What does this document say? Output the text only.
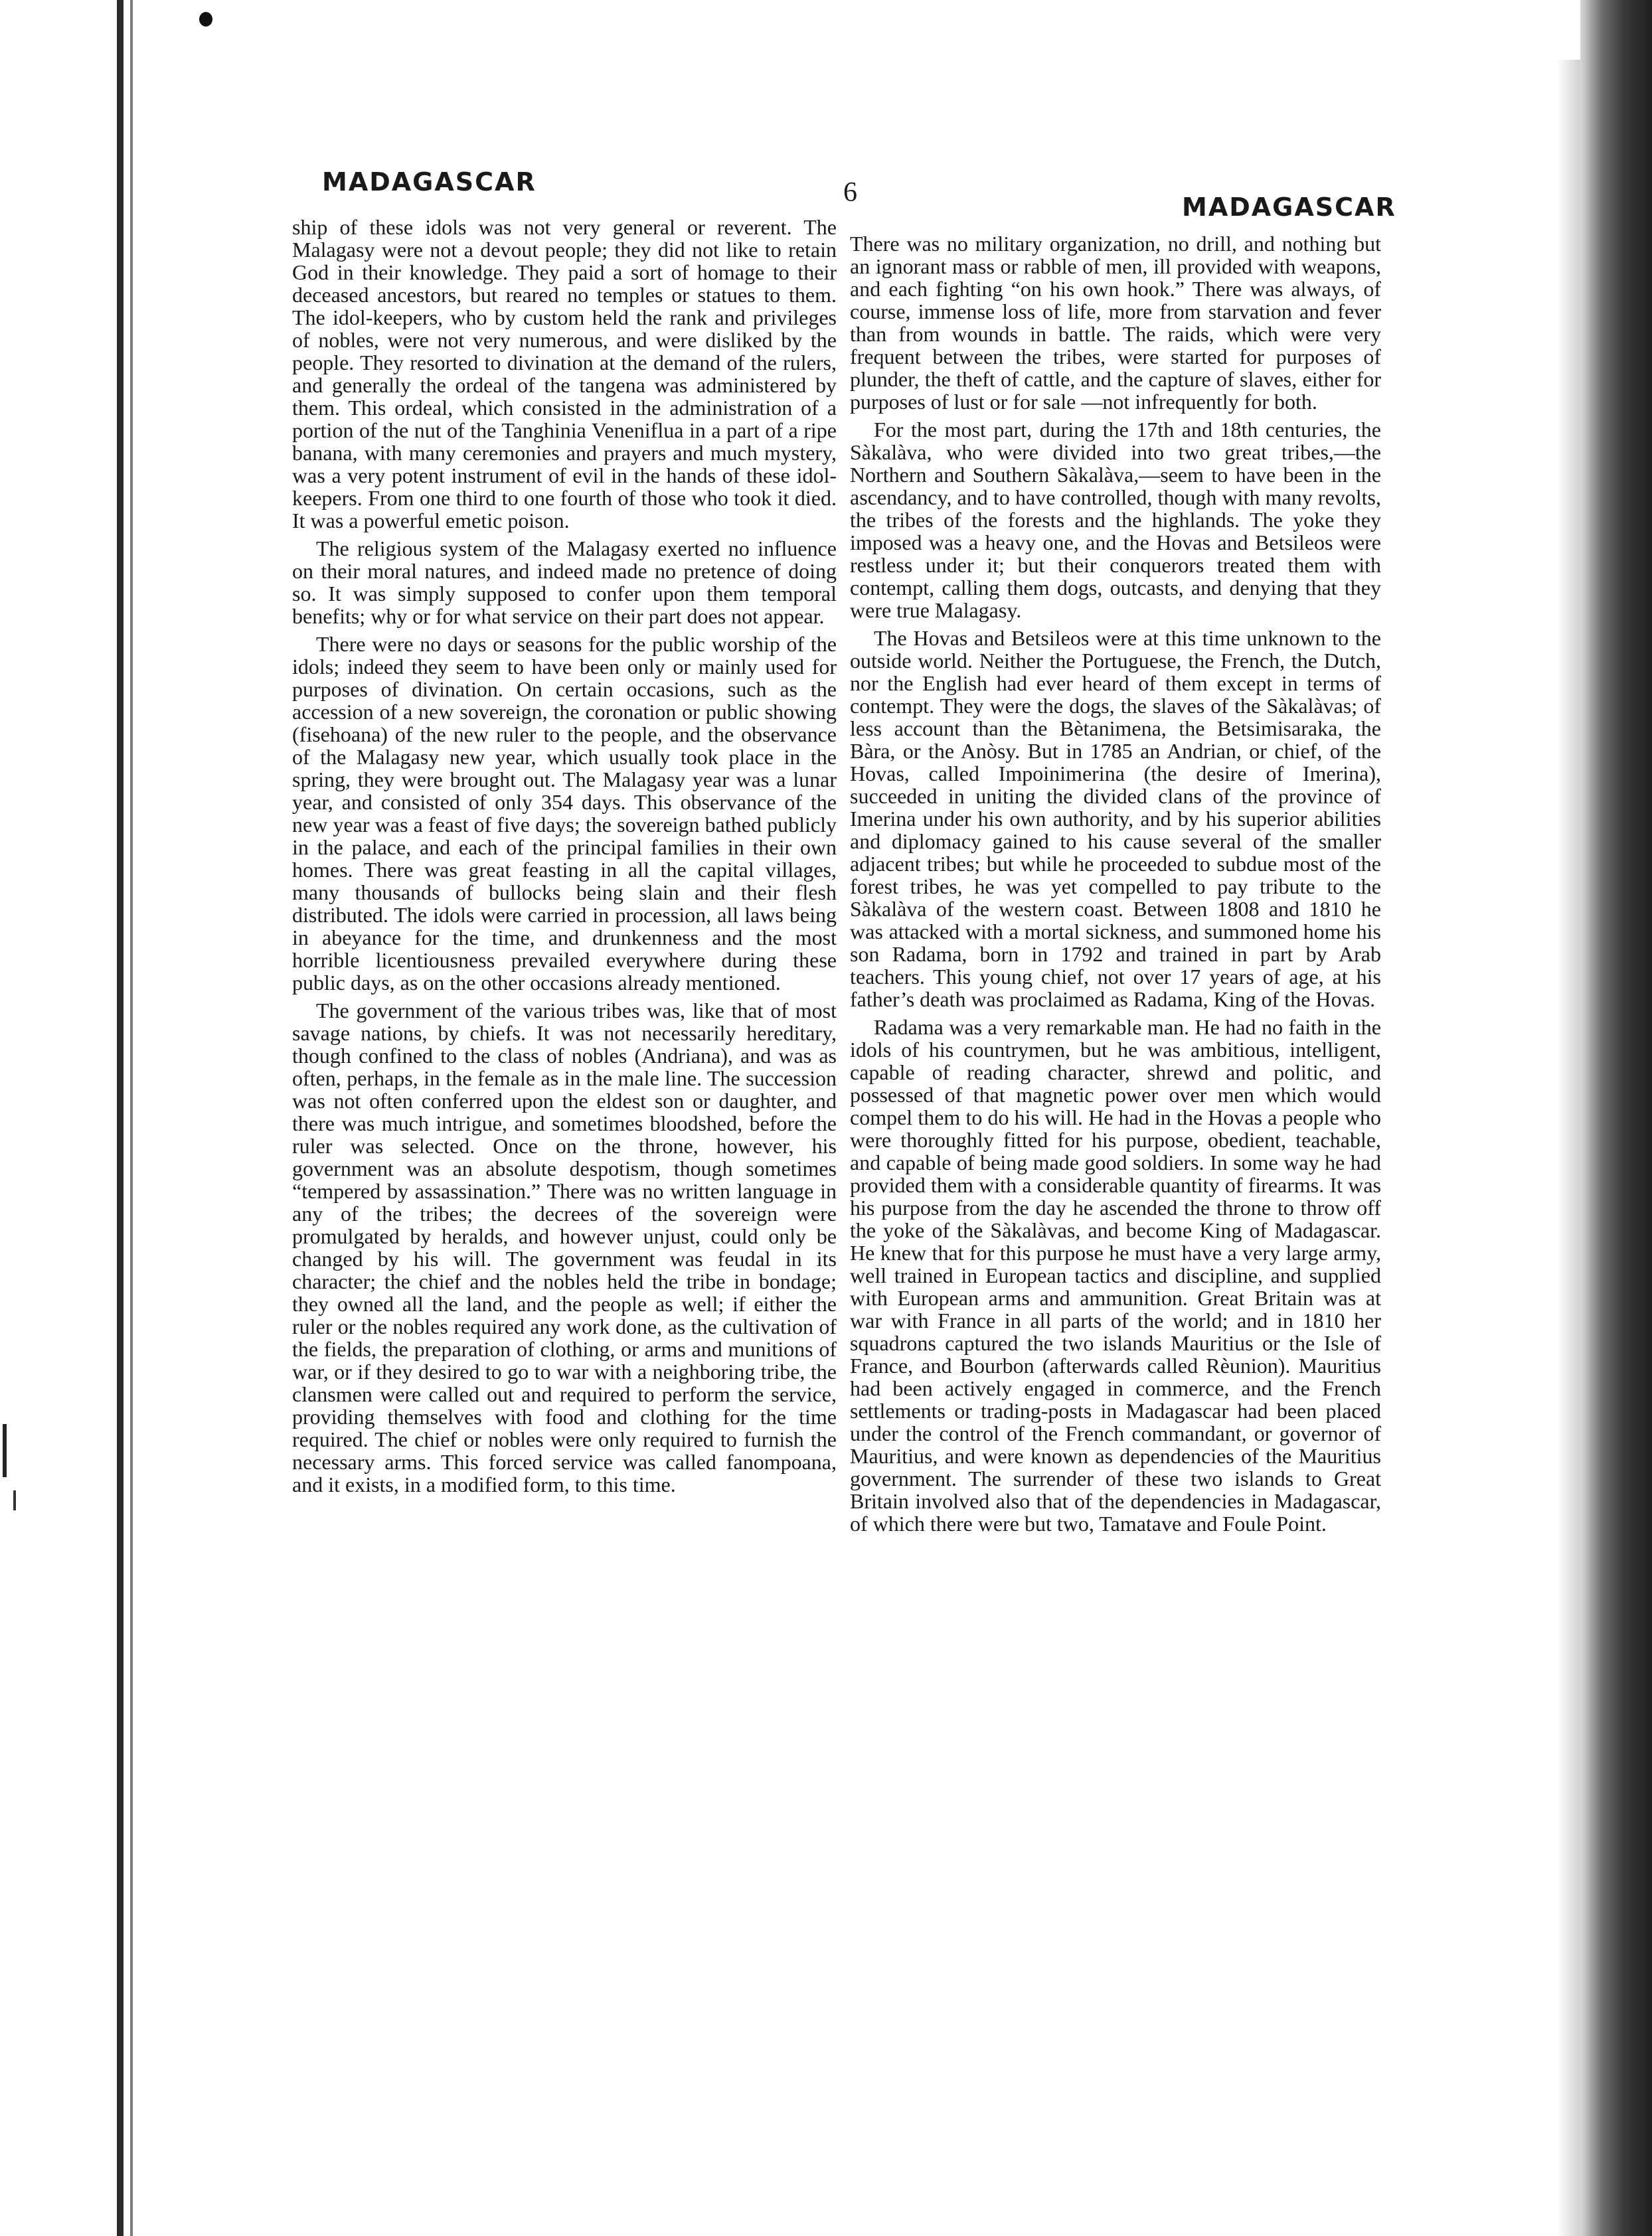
MADAGASCAR	6	MADAGASCAR

ship of these idols was not very general or reverent. The Malagasy were not a devout people; they did not like to retain God in their knowledge. They paid a sort of homage to their deceased ancestors, but reared no temples or statues to them. The idol-keepers, who by custom held the rank and privileges of nobles, were not very numerous, and were disliked by the people. They resorted to divination at the demand of the rulers, and generally the ordeal of the tangena was administered by them. This ordeal, which consisted in the administration of a portion of the nut of the Tanghinia Veneniflua in a part of a ripe banana, with many ceremonies and prayers and much mystery, was a very potent instrument of evil in the hands of these idol-keepers. From one third to one fourth of those who took it died. It was a powerful emetic poison.

The religious system of the Malagasy exerted no influence on their moral natures, and indeed made no pretence of doing so. It was simply supposed to confer upon them temporal benefits; why or for what service on their part does not appear.

There were no days or seasons for the public worship of the idols; indeed they seem to have been only or mainly used for purposes of divination. On certain occasions, such as the accession of a new sovereign, the coronation or public showing (fisehoana) of the new ruler to the people, and the observance of the Malagasy new year, which usually took place in the spring, they were brought out. The Malagasy year was a lunar year, and consisted of only 354 days. This observance of the new year was a feast of five days; the sovereign bathed publicly in the palace, and each of the principal families in their own homes. There was great feasting in all the capital villages, many thousands of bullocks being slain and their flesh distributed. The idols were carried in procession, all laws being in abeyance for the time, and drunkenness and the most horrible licentiousness prevailed everywhere during these public days, as on the other occasions already mentioned.

The government of the various tribes was, like that of most savage nations, by chiefs. It was not necessarily hereditary, though confined to the class of nobles (Andriana), and was as often, perhaps, in the female as in the male line. The succession was not often conferred upon the eldest son or daughter, and there was much intrigue, and sometimes bloodshed, before the ruler was selected. Once on the throne, however, his government was an absolute despotism, though sometimes “tempered by assassination.” There was no written language in any of the tribes; the decrees of the sovereign were promulgated by heralds, and however unjust, could only be changed by his will. The government was feudal in its character; the chief and the nobles held the tribe in bondage; they owned all the land, and the people as well; if either the ruler or the nobles required any work done, as the cultivation of the fields, the preparation of clothing, or arms and munitions of war, or if they desired to go to war with a neighboring tribe, the clansmen were called out and required to perform the service, providing themselves with food and clothing for the time required. The chief or nobles were only required to furnish the necessary arms. This forced service was called fanompoana, and it exists, in a modified form, to this time.

There was no military organization, no drill, and nothing but an ignorant mass or rabble of men, ill provided with weapons, and each fighting “on his own hook.” There was always, of course, immense loss of life, more from starvation and fever than from wounds in battle. The raids, which were very frequent between the tribes, were started for purposes of plunder, the theft of cattle, and the capture of slaves, either for purposes of lust or for sale —not infrequently for both.

For the most part, during the 17th and 18th centuries, the Sàkalàva, who were divided into two great tribes,—the Northern and Southern Sàkalàva,—seem to have been in the ascendancy, and to have controlled, though with many revolts, the tribes of the forests and the highlands. The yoke they imposed was a heavy one, and the Hovas and Betsileos were restless under it; but their conquerors treated them with contempt, calling them dogs, outcasts, and denying that they were true Malagasy.

The Hovas and Betsileos were at this time unknown to the outside world. Neither the Portuguese, the French, the Dutch, nor the English had ever heard of them except in terms of contempt. They were the dogs, the slaves of the Sàkalàvas; of less account than the Bètanimena, the Betsimisaraka, the Bàra, or the Anòsy. But in 1785 an Andrian, or chief, of the Hovas, called Impoinimerina (the desire of Imerina), succeeded in uniting the divided clans of the province of Imerina under his own authority, and by his superior abilities and diplomacy gained to his cause several of the smaller adjacent tribes; but while he proceeded to subdue most of the forest tribes, he was yet compelled to pay tribute to the Sàkalàva of the western coast. Between 1808 and 1810 he was attacked with a mortal sickness, and summoned home his son Radama, born in 1792 and trained in part by Arab teachers. This young chief, not over 17 years of age, at his father’s death was proclaimed as Radama, King of the Hovas.

Radama was a very remarkable man. He had no faith in the idols of his countrymen, but he was ambitious, intelligent, capable of reading character, shrewd and politic, and possessed of that magnetic power over men which would compel them to do his will. He had in the Hovas a people who were thoroughly fitted for his purpose, obedient, teachable, and capable of being made good soldiers. In some way he had provided them with a considerable quantity of firearms. It was his purpose from the day he ascended the throne to throw off the yoke of the Sàkalàvas, and become King of Madagascar. He knew that for this purpose he must have a very large army, well trained in European tactics and discipline, and supplied with European arms and ammunition. Great Britain was at war with France in all parts of the world; and in 1810 her squadrons captured the two islands Mauritius or the Isle of France, and Bourbon (afterwards called Rèunion). Mauritius had been actively engaged in commerce, and the French settlements or trading-posts in Madagascar had been placed under the control of the French commandant, or governor of Mauritius, and were known as dependencies of the Mauritius government. The surrender of these two islands to Great Britain involved also that of the dependencies in Madagascar, of which there were but two, Tamatave and Foule Point.
